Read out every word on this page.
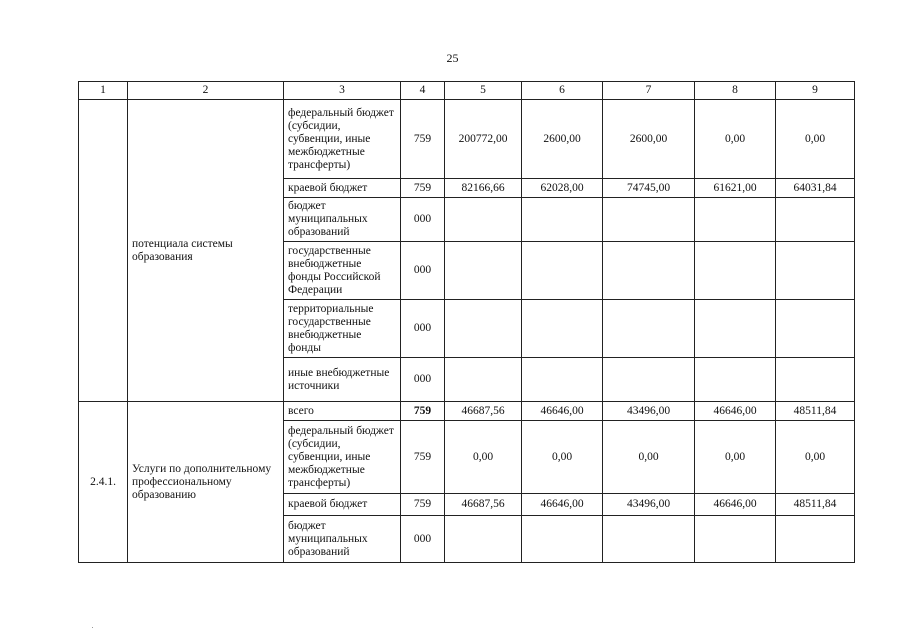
25
1	2	3	4	5	6	7	8	9
	потенциала системы образования	федеральный бюджет (субсидии, субвенции, иные межбюджетные трансферты)	759	200772,00	2600,00	2600,00	0,00	0,00
		краевой бюджет	759	82166,66	62028,00	74745,00	61621,00	64031,84
		бюджет муниципальных образований	000					
		государственные внебюджетные фонды Российской Федерации	000					
		территориальные государственные внебюджетные фонды	000					
		иные внебюджетные источники	000					
2.4.1.	Услуги по дополнительному профессиональному образованию	всего	759	46687,56	46646,00	43496,00	46646,00	48511,84
		федеральный бюджет (субсидии, субвенции, иные межбюджетные трансферты)	759	0,00	0,00	0,00	0,00	0,00
		краевой бюджет	759	46687,56	46646,00	43496,00	46646,00	48511,84
		бюджет муниципальных образований	000					
